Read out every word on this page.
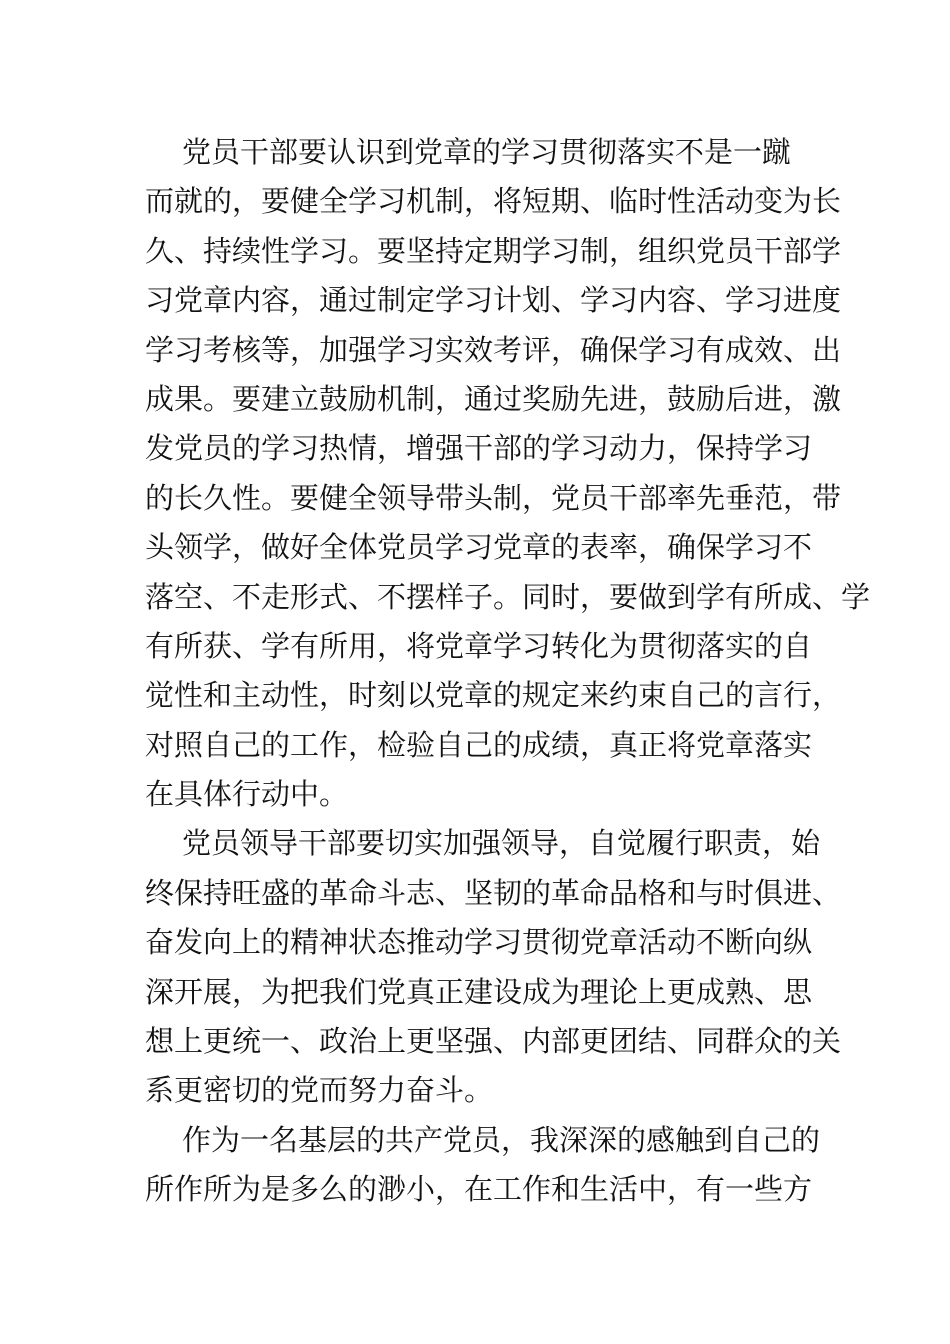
党员干部要认识到党章的学习贯彻落实不是一蹴
而就的，要健全学习机制，将短期、临时性活动变为长
久、持续性学习。要坚持定期学习制，组织党员干部学
习党章内容，通过制定学习计划、学习内容、学习进度
学习考核等，加强学习实效考评，确保学习有成效、出
成果。要建立鼓励机制，通过奖励先进，鼓励后进，激
发党员的学习热情，增强干部的学习动力，保持学习
的长久性。要健全领导带头制，党员干部率先垂范，带
头领学，做好全体党员学习党章的表率，确保学习不
落空、不走形式、不摆样子。同时，要做到学有所成、学
有所获、学有所用，将党章学习转化为贯彻落实的自
觉性和主动性，时刻以党章的规定来约束自己的言行，
对照自己的工作，检验自己的成绩，真正将党章落实
在具体行动中。
党员领导干部要切实加强领导，自觉履行职责，始
终保持旺盛的革命斗志、坚韧的革命品格和与时俱进、
奋发向上的精神状态推动学习贯彻党章活动不断向纵
深开展，为把我们党真正建设成为理论上更成熟、思
想上更统一、政治上更坚强、内部更团结、同群众的关
系更密切的党而努力奋斗。
作为一名基层的共产党员，我深深的感触到自己的
所作所为是多么的渺小，在工作和生活中，有一些方
